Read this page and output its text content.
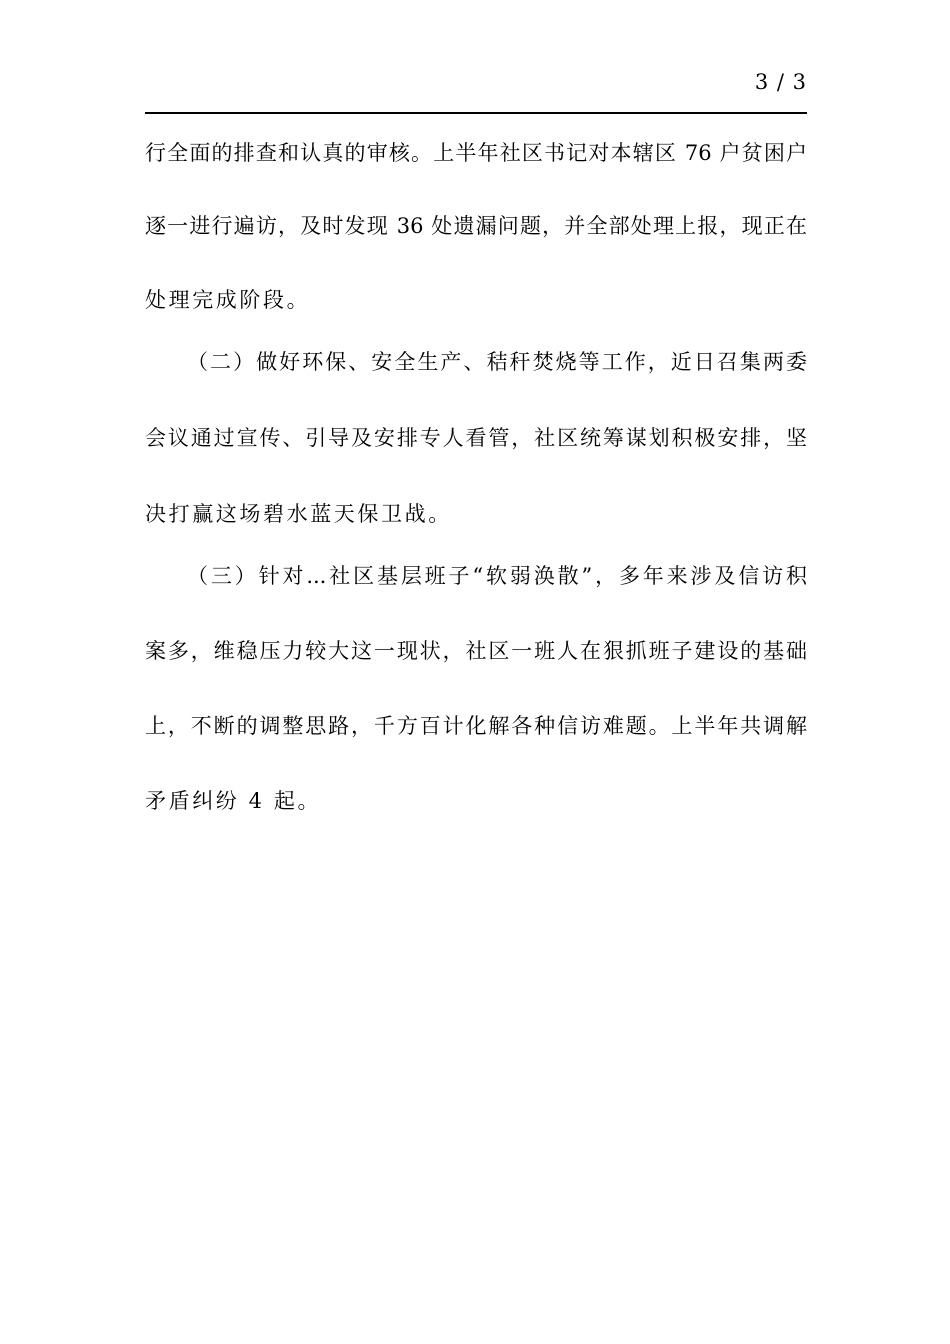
3 / 3
行全面的排查和认真的审核。上半年社区书记对本辖区 76 户贫困户
逐一进行遍访，及时发现 36 处遗漏问题，并全部处理上报，现正在
处理完成阶段。
（二）做好环保、安全生产、秸秆焚烧等工作，近日召集两委
会议通过宣传、引导及安排专人看管，社区统筹谋划积极安排，坚
决打赢这场碧水蓝天保卫战。
（三）针对...社区基层班子“软弱涣散”，多年来涉及信访积
案多，维稳压力较大这一现状，社区一班人在狠抓班子建设的基础
上，不断的调整思路，千方百计化解各种信访难题。上半年共调解
矛盾纠纷 4 起。
